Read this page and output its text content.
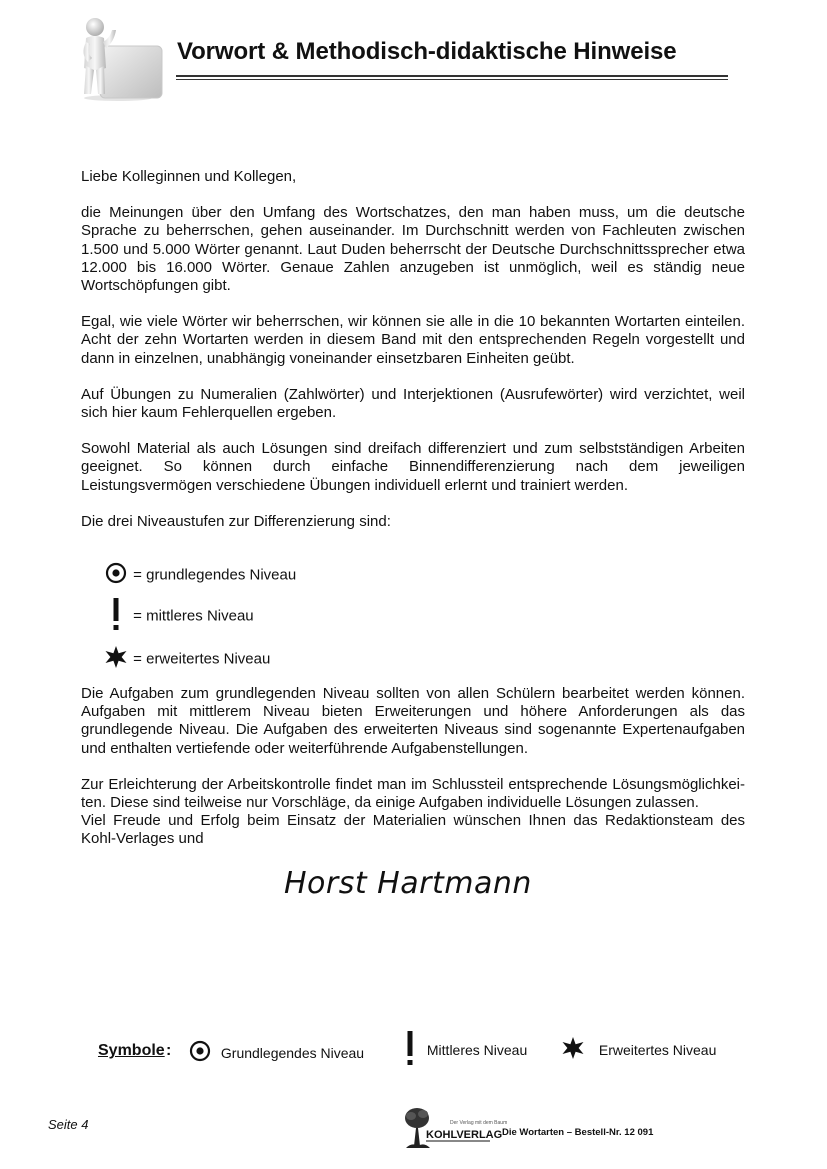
Vorwort & Methodisch-didaktische Hinweise

Liebe Kolleginnen und Kollegen,

die Meinungen über den Umfang des Wortschatzes, den man haben muss, um die deutsche Sprache zu beherrschen, gehen auseinander. Im Durchschnitt werden von Fachleuten zwischen 1.500 und 5.000 Wörter genannt. Laut Duden beherrscht der Deutsche Durchschnittssprecher etwa 12.000 bis 16.000 Wörter. Genaue Zahlen anzugeben ist unmöglich, weil es ständig neue Wortschöpfungen gibt.

Egal, wie viele Wörter wir beherrschen, wir können sie alle in die 10 bekannten Wortarten einteilen. Acht der zehn Wortarten werden in diesem Band mit den entsprechenden Regeln vorgestellt und dann in einzelnen, unabhängig voneinander einsetzbaren Einheiten geübt.

Auf Übungen zu Numeralien (Zahlwörter) und Interjektionen (Ausrufewörter) wird verzichtet, weil sich hier kaum Fehlerquellen ergeben.

Sowohl Material als auch Lösungen sind dreifach differenziert und zum selbstständigen Arbeiten geeignet. So können durch einfache Binnendifferenzierung nach dem jeweiligen Leistungsvermögen verschiedene Übungen individuell erlernt und trainiert werden.

Die drei Niveaustufen zur Differenzierung sind:

= grundlegendes Niveau
= mittleres Niveau
= erweitertes Niveau

Die Aufgaben zum grundlegenden Niveau sollten von allen Schülern bearbeitet werden können. Aufgaben mit mittlerem Niveau bieten Erweiterungen und höhere Anforderungen als das grundlegende Niveau. Die Aufgaben des erweiterten Niveaus sind sogenannte Expertenaufgaben und enthalten vertiefende oder weiterführende Aufgabenstellungen.

Zur Erleichterung der Arbeitskontrolle findet man im Schlussteil entsprechende Lösungsmöglichkei-ten. Diese sind teilweise nur Vorschläge, da einige Aufgaben individuelle Lösungen zulassen.

Viel Freude und Erfolg beim Einsatz der Materialien wünschen Ihnen das Redaktionsteam des Kohl-Verlages und

Horst Hartmann
Symbole :	Grundlegendes Niveau	Mittleres Niveau	Erweitertes Niveau
Seite 4	Der Verlag mit dem Baum
KOHLVERLAG Die Wortarten – Bestell-Nr. 12 091
